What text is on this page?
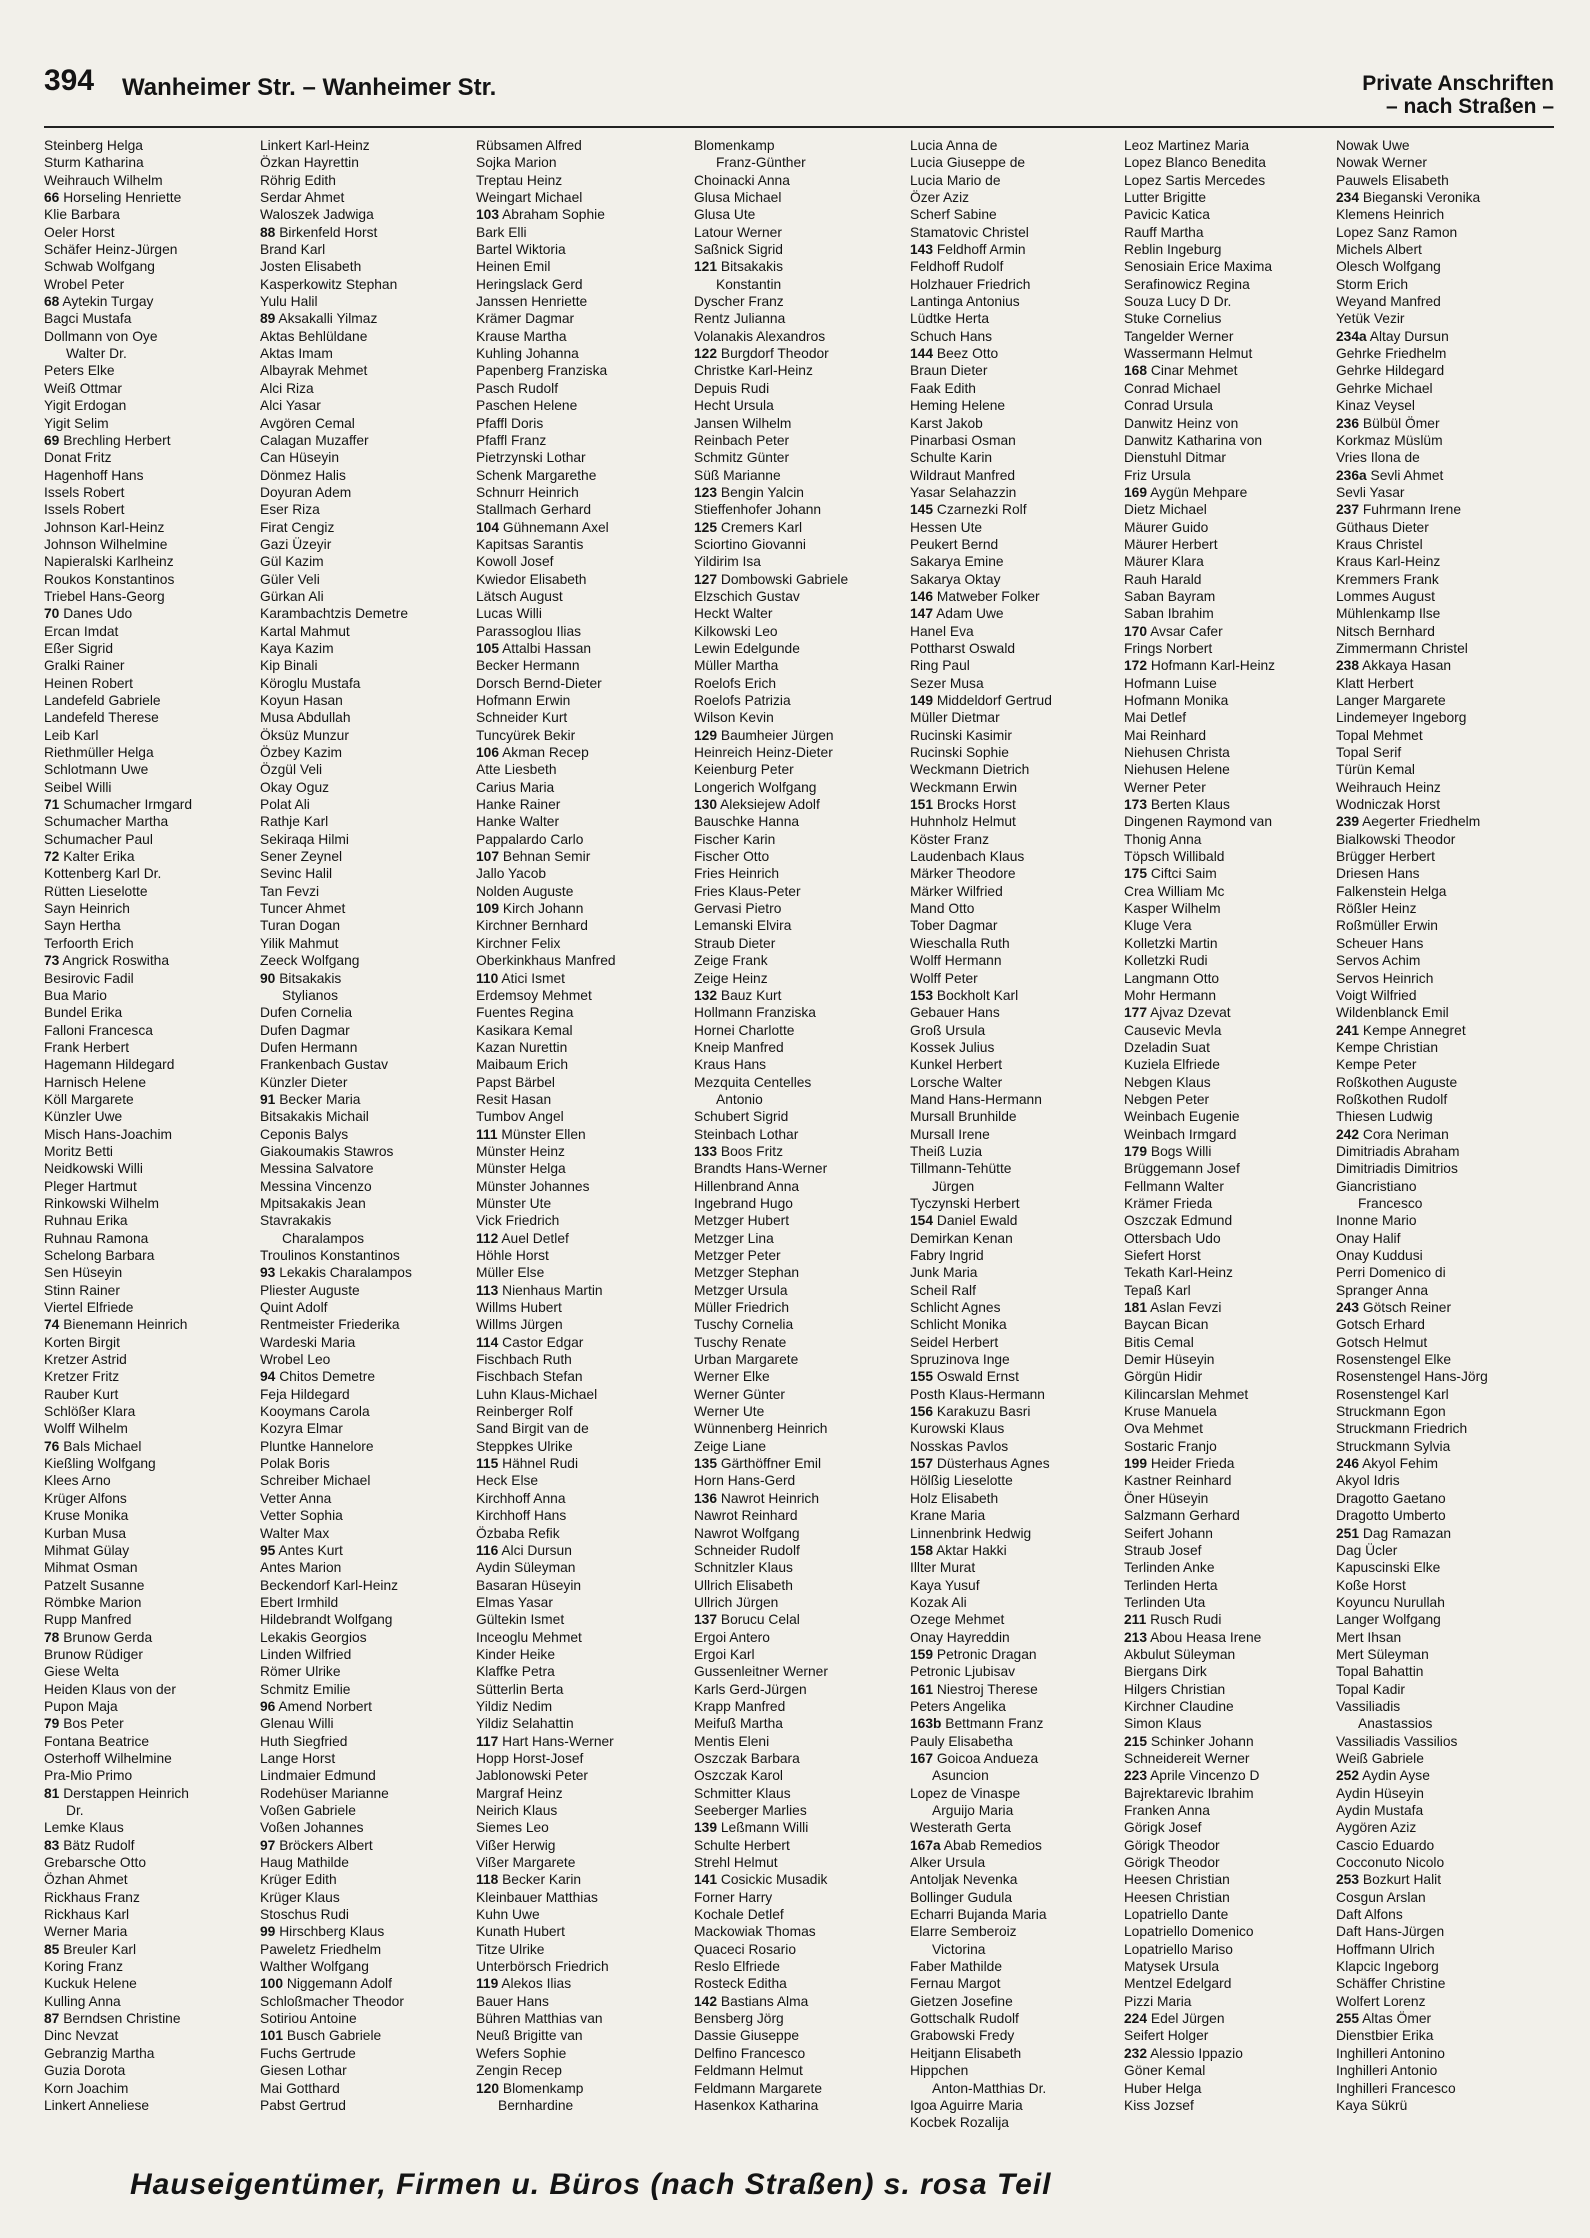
394 Wanheimer Str. – Wanheimer Str.	Private Anschriften
– nach Straßen –
Steinberg Helga
Sturm Katharina
Weihrauch Wilhelm
66 Horseling Henriette
Klie Barbara
Oeler Horst
Schäfer Heinz-Jürgen
Schwab Wolfgang
Wrobel Peter
68 Aytekin Turgay
Bagci Mustafa
Dollmann von Oye
Walter Dr.
Peters Elke
Weiß Ottmar
Yigit Erdogan
Yigit Selim
69 Brechling Herbert
Donat Fritz
Hagenhoff Hans
Issels Robert
Issels Robert
Johnson Karl-Heinz
Johnson Wilhelmine
Napieralski Karlheinz
Roukos Konstantinos
Triebel Hans-Georg
70 Danes Udo
Ercan Imdat
Eßer Sigrid
Gralki Rainer
Heinen Robert
Landefeld Gabriele
Landefeld Therese
Leib Karl
Riethmüller Helga
Schlotmann Uwe
Seibel Willi
71 Schumacher Irmgard
Schumacher Martha
Schumacher Paul
72 Kalter Erika
Kottenberg Karl Dr.
Rütten Lieselotte
Sayn Heinrich
Sayn Hertha
Terfoorth Erich
73 Angrick Roswitha
Besirovic Fadil
Bua Mario
Bundel Erika
Falloni Francesca
Frank Herbert
Hagemann Hildegard
Harnisch Helene
Köll Margarete
Künzler Uwe
Misch Hans-Joachim
Moritz Betti
Neidkowski Willi
Pleger Hartmut
Rinkowski Wilhelm
Ruhnau Erika
Ruhnau Ramona
Schelong Barbara
Sen Hüseyin
Stinn Rainer
Viertel Elfriede
74 Bienemann Heinrich
Korten Birgit
Kretzer Astrid
Kretzer Fritz
Rauber Kurt
Schlößer Klara
Wolff Wilhelm
76 Bals Michael
Kießling Wolfgang
Klees Arno
Krüger Alfons
Kruse Monika
Kurban Musa
Mihmat Gülay
Mihmat Osman
Patzelt Susanne
Römbke Marion
Rupp Manfred
78 Brunow Gerda
Brunow Rüdiger
Giese Welta
Heiden Klaus von der
Pupon Maja
79 Bos Peter
Fontana Beatrice
Osterhoff Wilhelmine
Pra-Mio Primo
81 Derstappen Heinrich
Dr.
Lemke Klaus
83 Bätz Rudolf
Grebarsche Otto
Özhan Ahmet
Rickhaus Franz
Rickhaus Karl
Werner Maria
85 Breuler Karl
Koring Franz
Kuckuk Helene
Kulling Anna
87 Berndsen Christine
Dinc Nevzat
Gebranzig Martha
Guzia Dorota
Korn Joachim
Linkert Anneliese
Linkert Karl-Heinz
Özkan Hayrettin
Röhrig Edith
Serdar Ahmet
Waloszek Jadwiga
88 Birkenfeld Horst
Brand Karl
Josten Elisabeth
Kasperkowitz Stephan
Yulu Halil
89 Aksakalli Yilmaz
Aktas Behlüldane
Aktas Imam
Albayrak Mehmet
Alci Riza
Alci Yasar
Avgören Cemal
Calagan Muzaffer
Can Hüseyin
Dönmez Halis
Doyuran Adem
Eser Riza
Firat Cengiz
Gazi Üzeyir
Gül Kazim
Güler Veli
Gürkan Ali
Karambachtzis Demetre
Kartal Mahmut
Kaya Kazim
Kip Binali
Köroglu Mustafa
Koyun Hasan
Musa Abdullah
Öksüz Munzur
Özbey Kazim
Özgül Veli
Okay Oguz
Polat Ali
Rathje Karl
Sekiraqa Hilmi
Sener Zeynel
Sevinc Halil
Tan Fevzi
Tuncer Ahmet
Turan Dogan
Yilik Mahmut
Zeeck Wolfgang
90 Bitsakakis
Stylianos
Dufen Cornelia
Dufen Dagmar
Dufen Hermann
Frankenbach Gustav
Künzler Dieter
91 Becker Maria
Bitsakakis Michail
Ceponis Balys
Giakoumakis Stawros
Messina Salvatore
Messina Vincenzo
Mpitsakakis Jean
Stavrakakis
Charalampos
Troulinos Konstantinos
93 Lekakis Charalampos
Pliester Auguste
Quint Adolf
Rentmeister Friederika
Wardeski Maria
Wrobel Leo
94 Chitos Demetre
Feja Hildegard
Kooymans Carola
Kozyra Elmar
Pluntke Hannelore
Polak Boris
Schreiber Michael
Vetter Anna
Vetter Sophia
Walter Max
95 Antes Kurt
Antes Marion
Beckendorf Karl-Heinz
Ebert Irmhild
Hildebrandt Wolfgang
Lekakis Georgios
Linden Wilfried
Römer Ulrike
Schmitz Emilie
96 Amend Norbert
Glenau Willi
Huth Siegfried
Lange Horst
Lindmaier Edmund
Rodehüser Marianne
Voßen Gabriele
Voßen Johannes
97 Bröckers Albert
Haug Mathilde
Krüger Edith
Krüger Klaus
Stoschus Rudi
99 Hirschberg Klaus
Paweletz Friedhelm
Walther Wolfgang
100 Niggemann Adolf
Schloßmacher Theodor
Sotiriou Antoine
101 Busch Gabriele
Fuchs Gertrude
Giesen Lothar
Mai Gotthard
Pabst Gertrud
Rübsamen Alfred
Sojka Marion
Treptau Heinz
Weingart Michael
103 Abraham Sophie
Bark Elli
Bartel Wiktoria
Heinen Emil
Heringslack Gerd
Janssen Henriette
Krämer Dagmar
Krause Martha
Kuhling Johanna
Papenberg Franziska
Pasch Rudolf
Paschen Helene
Pfaffl Doris
Pfaffl Franz
Pietrzynski Lothar
Schenk Margarethe
Schnurr Heinrich
Stallmach Gerhard
104 Gühnemann Axel
Kapitsas Sarantis
Kowoll Josef
Kwiedor Elisabeth
Lätsch August
Lucas Willi
Parassoglou Ilias
105 Attalbi Hassan
Becker Hermann
Dorsch Bernd-Dieter
Hofmann Erwin
Schneider Kurt
Tuncyürek Bekir
106 Akman Recep
Atte Liesbeth
Carius Maria
Hanke Rainer
Hanke Walter
Pappalardo Carlo
107 Behnan Semir
Jallo Yacob
Nolden Auguste
109 Kirch Johann
Kirchner Bernhard
Kirchner Felix
Oberkinkhaus Manfred
110 Atici Ismet
Erdemsoy Mehmet
Fuentes Regina
Kasikara Kemal
Kazan Nurettin
Maibaum Erich
Papst Bärbel
Resit Hasan
Tumbov Angel
111 Münster Ellen
Münster Heinz
Münster Helga
Münster Johannes
Münster Ute
Vick Friedrich
112 Auel Detlef
Höhle Horst
Müller Else
113 Nienhaus Martin
Willms Hubert
Willms Jürgen
114 Castor Edgar
Fischbach Ruth
Fischbach Stefan
Luhn Klaus-Michael
Reinberger Rolf
Sand Birgit van de
Steppkes Ulrike
115 Hähnel Rudi
Heck Else
Kirchhoff Anna
Kirchhoff Hans
Özbaba Refik
116 Alci Dursun
Aydin Süleyman
Basaran Hüseyin
Elmas Yasar
Gültekin Ismet
Inceoglu Mehmet
Kinder Heike
Klaffke Petra
Sütterlin Berta
Yildiz Nedim
Yildiz Selahattin
117 Hart Hans-Werner
Hopp Horst-Josef
Jablonowski Peter
Margraf Heinz
Neirich Klaus
Siemes Leo
Vißer Herwig
Vißer Margarete
118 Becker Karin
Kleinbauer Matthias
Kuhn Uwe
Kunath Hubert
Titze Ulrike
Unterbörsch Friedrich
119 Alekos Ilias
Bauer Hans
Bühren Matthias van
Neuß Brigitte van
Wefers Sophie
Zengin Recep
120 Blomenkamp
Bernhardine
Blomenkamp
Franz-Günther
Choinacki Anna
Glusa Michael
Glusa Ute
Latour Werner
Saßnick Sigrid
121 Bitsakakis
Konstantin
Dyscher Franz
Rentz Julianna
Volanakis Alexandros
122 Burgdorf Theodor
Christke Karl-Heinz
Depuis Rudi
Hecht Ursula
Jansen Wilhelm
Reinbach Peter
Schmitz Günter
Süß Marianne
123 Bengin Yalcin
Stieffenhofer Johann
125 Cremers Karl
Sciortino Giovanni
Yildirim Isa
127 Dombowski Gabriele
Elzschich Gustav
Heckt Walter
Kilkowski Leo
Lewin Edelgunde
Müller Martha
Roelofs Erich
Roelofs Patrizia
Wilson Kevin
129 Baumheier Jürgen
Heinreich Heinz-Dieter
Keienburg Peter
Longerich Wolfgang
130 Aleksiejew Adolf
Bauschke Hanna
Fischer Karin
Fischer Otto
Fries Heinrich
Fries Klaus-Peter
Gervasi Pietro
Lemanski Elvira
Straub Dieter
Zeige Frank
Zeige Heinz
132 Bauz Kurt
Hollmann Franziska
Hornei Charlotte
Kneip Manfred
Kraus Hans
Mezquita Centelles
Antonio
Schubert Sigrid
Steinbach Lothar
133 Boos Fritz
Brandts Hans-Werner
Hillenbrand Anna
Ingebrand Hugo
Metzger Hubert
Metzger Lina
Metzger Peter
Metzger Stephan
Metzger Ursula
Müller Friedrich
Tuschy Cornelia
Tuschy Renate
Urban Margarete
Werner Elke
Werner Günter
Werner Ute
Wünnenberg Heinrich
Zeige Liane
135 Gärthöffner Emil
Horn Hans-Gerd
136 Nawrot Heinrich
Nawrot Reinhard
Nawrot Wolfgang
Schneider Rudolf
Schnitzler Klaus
Ullrich Elisabeth
Ullrich Jürgen
137 Borucu Celal
Ergoi Antero
Ergoi Karl
Gussenleitner Werner
Karls Gerd-Jürgen
Krapp Manfred
Meifuß Martha
Mentis Eleni
Oszczak Barbara
Oszczak Karol
Schmitter Klaus
Seeberger Marlies
139 Leßmann Willi
Schulte Herbert
Strehl Helmut
141 Cosickic Musadik
Forner Harry
Kochale Detlef
Mackowiak Thomas
Quaceci Rosario
Reslo Elfriede
Rosteck Editha
142 Bastians Alma
Bensberg Jörg
Dassie Giuseppe
Delfino Francesco
Feldmann Helmut
Feldmann Margarete
Hasenkox Katharina
Lucia Anna de
Lucia Giuseppe de
Lucia Mario de
Özer Aziz
Scherf Sabine
Stamatovic Christel
143 Feldhoff Armin
Feldhoff Rudolf
Holzhauer Friedrich
Lantinga Antonius
Lüdtke Herta
Schuch Hans
144 Beez Otto
Braun Dieter
Faak Edith
Heming Helene
Karst Jakob
Pinarbasi Osman
Schulte Karin
Wildraut Manfred
Yasar Selahazzin
145 Czarnezki Rolf
Hessen Ute
Peukert Bernd
Sakarya Emine
Sakarya Oktay
146 Matweber Folker
147 Adam Uwe
Hanel Eva
Pottharst Oswald
Ring Paul
Sezer Musa
149 Middeldorf Gertrud
Müller Dietmar
Rucinski Kasimir
Rucinski Sophie
Weckmann Dietrich
Weckmann Erwin
151 Brocks Horst
Huhnholz Helmut
Köster Franz
Laudenbach Klaus
Märker Theodore
Märker Wilfried
Mand Otto
Tober Dagmar
Wieschalla Ruth
Wolff Hermann
Wolff Peter
153 Bockholt Karl
Gebauer Hans
Groß Ursula
Kossek Julius
Kunkel Herbert
Lorsche Walter
Mand Hans-Hermann
Mursall Brunhilde
Mursall Irene
Theiß Luzia
Tillmann-Tehütte
Jürgen
Tyczynski Herbert
154 Daniel Ewald
Demirkan Kenan
Fabry Ingrid
Junk Maria
Scheil Ralf
Schlicht Agnes
Schlicht Monika
Seidel Herbert
Spruzinova Inge
155 Oswald Ernst
Posth Klaus-Hermann
156 Karakuzu Basri
Kurowski Klaus
Nosskas Pavlos
157 Düsterhaus Agnes
Hölßig Lieselotte
Holz Elisabeth
Krane Maria
Linnenbrink Hedwig
158 Aktar Hakki
Illter Murat
Kaya Yusuf
Kozak Ali
Ozege Mehmet
Onay Hayreddin
159 Petronic Dragan
Petronic Ljubisav
161 Niestroj Therese
Peters Angelika
163b Bettmann Franz
Pauly Elisabetha
167 Goicoa Andueza
Asuncion
Lopez de Vinaspe
Arguijo Maria
Westerath Gerta
167a Abab Remedios
Alker Ursula
Antoljak Nevenka
Bollinger Gudula
Echarri Bujanda Maria
Elarre Semberoiz
Victorina
Faber Mathilde
Fernau Margot
Gietzen Josefine
Gottschalk Rudolf
Grabowski Fredy
Heitjann Elisabeth
Hippchen
Anton-Matthias Dr.
Igoa Aguirre Maria
Kocbek Rozalija
Leoz Martinez Maria
Lopez Blanco Benedita
Lopez Sartis Mercedes
Lutter Brigitte
Pavicic Katica
Rauff Martha
Reblin Ingeburg
Senosiain Erice Maxima
Serafinowicz Regina
Souza Lucy D Dr.
Stuke Cornelius
Tangelder Werner
Wassermann Helmut
168 Cinar Mehmet
Conrad Michael
Conrad Ursula
Danwitz Heinz von
Danwitz Katharina von
Dienstuhl Ditmar
Friz Ursula
169 Aygün Mehpare
Dietz Michael
Mäurer Guido
Mäurer Herbert
Mäurer Klara
Rauh Harald
Saban Bayram
Saban Ibrahim
170 Avsar Cafer
Frings Norbert
172 Hofmann Karl-Heinz
Hofmann Luise
Hofmann Monika
Mai Detlef
Mai Reinhard
Niehusen Christa
Niehusen Helene
Werner Peter
173 Berten Klaus
Dingenen Raymond van
Thonig Anna
Töpsch Willibald
175 Ciftci Saim
Crea William Mc
Kasper Wilhelm
Kluge Vera
Kolletzki Martin
Kolletzki Rudi
Langmann Otto
Mohr Hermann
177 Ajvaz Dzevat
Causevic Mevla
Dzeladin Suat
Kuziela Elfriede
Nebgen Klaus
Nebgen Peter
Weinbach Eugenie
Weinbach Irmgard
179 Bogs Willi
Brüggemann Josef
Fellmann Walter
Krämer Frieda
Oszczak Edmund
Ottersbach Udo
Siefert Horst
Tekath Karl-Heinz
Tepaß Karl
181 Aslan Fevzi
Baycan Bican
Bitis Cemal
Demir Hüseyin
Görgün Hidir
Kilincarslan Mehmet
Kruse Manuela
Ova Mehmet
Sostaric Franjo
199 Heider Frieda
Kastner Reinhard
Öner Hüseyin
Salzmann Gerhard
Seifert Johann
Straub Josef
Terlinden Anke
Terlinden Herta
Terlinden Uta
211 Rusch Rudi
213 Abou Heasa Irene
Akbulut Süleyman
Biergans Dirk
Hilgers Christian
Kirchner Claudine
Simon Klaus
215 Schinker Johann
Schneidereit Werner
223 Aprile Vincenzo D
Bajrektarevic Ibrahim
Franken Anna
Görigk Josef
Görigk Theodor
Görigk Theodor
Heesen Christian
Heesen Christian
Lopatriello Dante
Lopatriello Domenico
Lopatriello Mariso
Matysek Ursula
Mentzel Edelgard
Pizzi Maria
224 Edel Jürgen
Seifert Holger
232 Alessio Ippazio
Göner Kemal
Huber Helga
Kiss Jozsef
Nowak Uwe
Nowak Werner
Pauwels Elisabeth
234 Bieganski Veronika
Klemens Heinrich
Lopez Sanz Ramon
Michels Albert
Olesch Wolfgang
Storm Erich
Weyand Manfred
Yetük Vezir
234a Altay Dursun
Gehrke Friedhelm
Gehrke Hildegard
Gehrke Michael
Kinaz Veysel
236 Bülbül Ömer
Korkmaz Müslüm
Vries Ilona de
236a Sevli Ahmet
Sevli Yasar
237 Fuhrmann Irene
Güthaus Dieter
Kraus Christel
Kraus Karl-Heinz
Kremmers Frank
Lommes August
Mühlenkamp Ilse
Nitsch Bernhard
Zimmermann Christel
238 Akkaya Hasan
Klatt Herbert
Langer Margarete
Lindemeyer Ingeborg
Topal Mehmet
Topal Serif
Türün Kemal
Weihrauch Heinz
Wodniczak Horst
239 Aegerter Friedhelm
Bialkowski Theodor
Brügger Herbert
Driesen Hans
Falkenstein Helga
Rößler Heinz
Roßmüller Erwin
Scheuer Hans
Servos Achim
Servos Heinrich
Voigt Wilfried
Wildenblanck Emil
241 Kempe Annegret
Kempe Christian
Kempe Peter
Roßkothen Auguste
Roßkothen Rudolf
Thiesen Ludwig
242 Cora Neriman
Dimitriadis Abraham
Dimitriadis Dimitrios
Giancristiano
Francesco
Inonne Mario
Onay Halif
Onay Kuddusi
Perri Domenico di
Spranger Anna
243 Götsch Reiner
Gotsch Erhard
Gotsch Helmut
Rosenstengel Elke
Rosenstengel Hans-Jörg
Rosenstengel Karl
Struckmann Egon
Struckmann Friedrich
Struckmann Sylvia
246 Akyol Fehim
Akyol Idris
Dragotto Gaetano
Dragotto Umberto
251 Dag Ramazan
Dag Ücler
Kapuscinski Elke
Koße Horst
Koyuncu Nurullah
Langer Wolfgang
Mert Ihsan
Mert Süleyman
Topal Bahattin
Topal Kadir
Vassiliadis
Anastassios
Vassiliadis Vassilios
Weiß Gabriele
252 Aydin Ayse
Aydin Hüseyin
Aydin Mustafa
Aygören Aziz
Cascio Eduardo
Cocconuto Nicolo
253 Bozkurt Halit
Cosgun Arslan
Daft Alfons
Daft Hans-Jürgen
Hoffmann Ulrich
Klapcic Ingeborg
Schäffer Christine
Wolfert Lorenz
255 Altas Ömer
Dienstbier Erika
Inghilleri Antonino
Inghilleri Antonio
Inghilleri Francesco
Kaya Sükrü
Hauseigentümer, Firmen u. Büros (nach Straßen) s. rosa Teil
